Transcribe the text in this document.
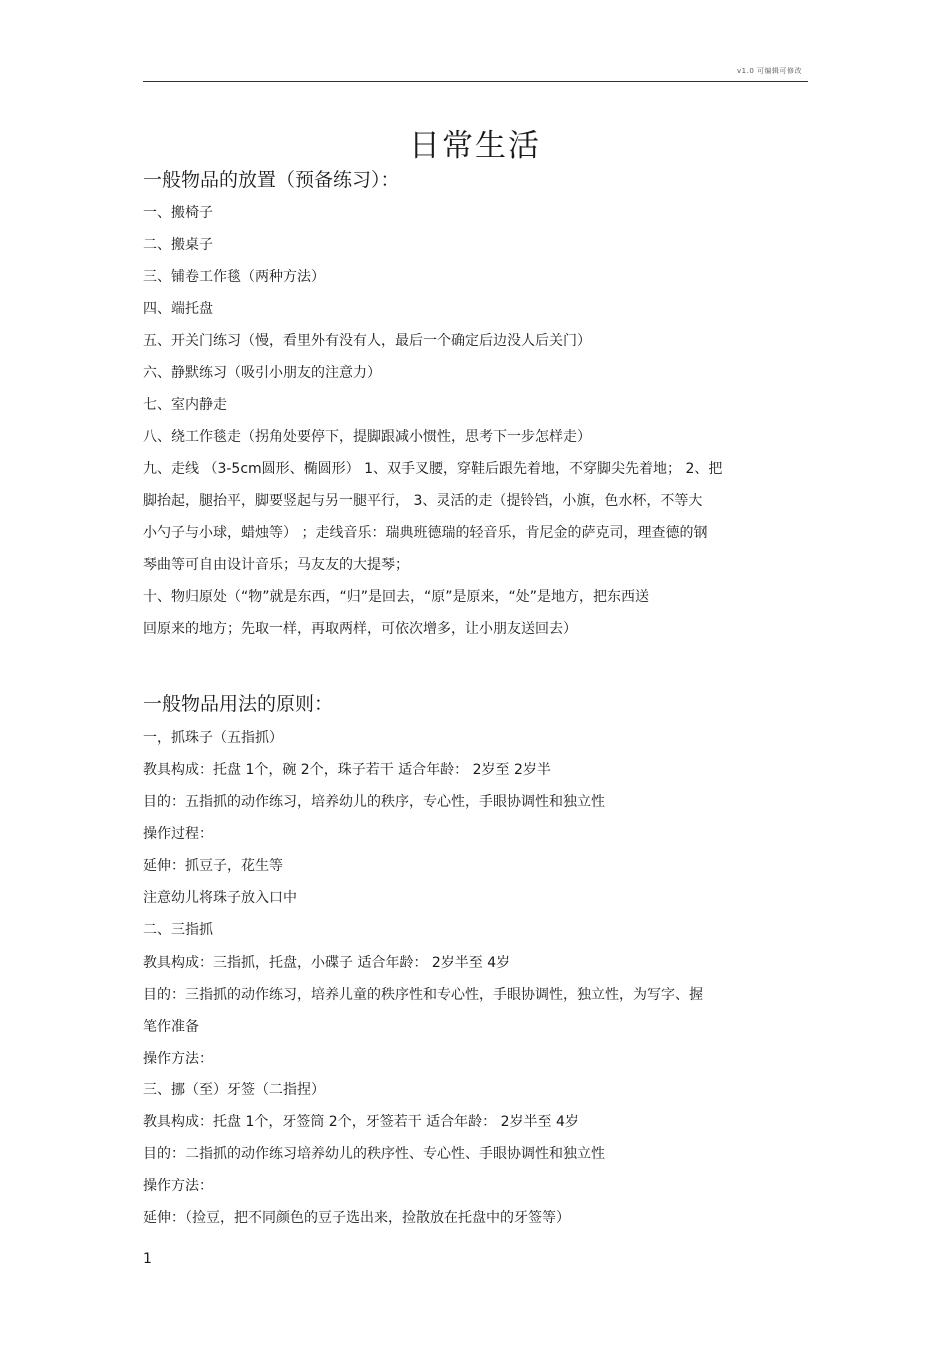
v1.0 可编辑可修改
日常生活
一般物品的放置（预备练习）：
一、搬椅子
二、搬桌子
三、铺卷工作毯（两种方法）
四、端托盘
五、开关门练习（慢，看里外有没有人，最后一个确定后边没人后关门）
六、静默练习（吸引小朋友的注意力）
七、室内静走
八、绕工作毯走（拐角处要停下，提脚跟减小惯性，思考下一步怎样走）
九、走线 （3-5cm圆形、椭圆形） 1、双手叉腰，穿鞋后跟先着地，不穿脚尖先着地； 2、把
脚抬起，腿抬平，脚要竖起与另一腿平行， 3、灵活的走（提铃铛，小旗，色水杯，不等大
小勺子与小球，蜡烛等） ；走线音乐：瑞典班德瑞的轻音乐，肯尼金的萨克司，理查德的钢
琴曲等可自由设计音乐；马友友的大提琴；
十、物归原处（“物”就是东西，“归”是回去，“原”是原来，“处”是地方，把东西送
回原来的地方；先取一样，再取两样，可依次增多，让小朋友送回去）
一般物品用法的原则：
一，抓珠子（五指抓）
教具构成：托盘 1个，碗 2个，珠子若干 适合年龄： 2岁至 2岁半
目的：五指抓的动作练习，培养幼儿的秩序，专心性，手眼协调性和独立性
操作过程：
延伸：抓豆子，花生等
注意幼儿将珠子放入口中
二、三指抓
教具构成：三指抓，托盘，小碟子 适合年龄： 2岁半至 4岁
目的：三指抓的动作练习，培养儿童的秩序性和专心性，手眼协调性，独立性，为写字、握
笔作准备
操作方法：
三、挪（至）牙签（二指捏）
教具构成：托盘 1个，牙签筒 2个，牙签若干 适合年龄： 2岁半至 4岁
目的：二指抓的动作练习培养幼儿的秩序性、专心性、手眼协调性和独立性
操作方法：
延伸：（捡豆，把不同颜色的豆子选出来，捡散放在托盘中的牙签等）
1
